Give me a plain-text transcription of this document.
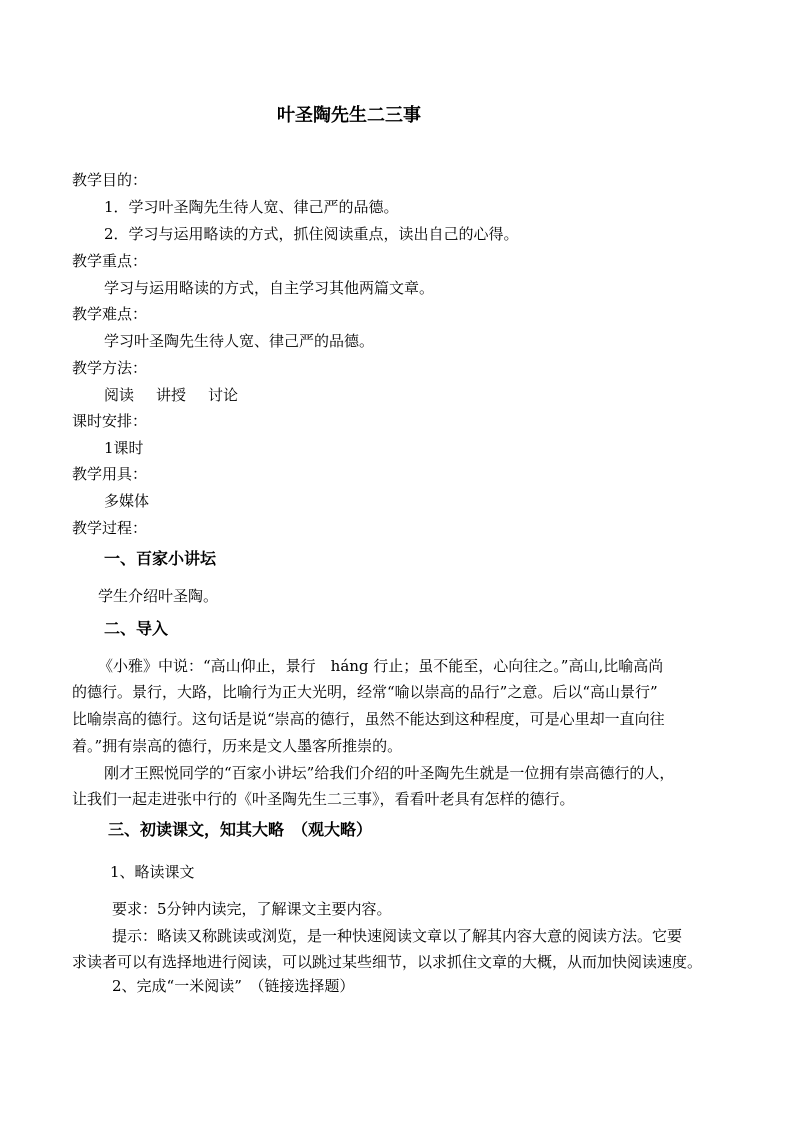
叶圣陶先生二三事
教学目的：
1．学习叶圣陶先生待人宽、律己严的品德。
2．学习与运用略读的方式，抓住阅读重点，读出自己的心得。
教学重点：
学习与运用略读的方式，自主学习其他两篇文章。
教学难点：
学习叶圣陶先生待人宽、律己严的品德。
教学方法：
阅读 讲授 讨论
课时安排：
1课时
教学用具：
多媒体
教学过程：
一、百家小讲坛
学生介绍叶圣陶。
二、导入
《小雅》中说：“高山仰止，景行　háng 行止；虽不能至，心向往之。”高山,比喻高尚
的德行。景行，大路，比喻行为正大光明，经常“喻以崇高的品行”之意。后以“高山景行”
比喻崇高的德行。这句话是说“崇高的德行，虽然不能达到这种程度，可是心里却一直向往
着。”拥有崇高的德行，历来是文人墨客所推崇的。
刚才王熙悦同学的“百家小讲坛”给我们介绍的叶圣陶先生就是一位拥有崇高德行的人，
让我们一起走进张中行的《叶圣陶先生二三事》，看看叶老具有怎样的德行。
三、初读课文，知其大略　（观大略）
1、略读课文
要求：5分钟内读完，了解课文主要内容。
提示：略读又称跳读或浏览，是一种快速阅读文章以了解其内容大意的阅读方法。它要
求读者可以有选择地进行阅读，可以跳过某些细节，以求抓住文章的大概，从而加快阅读速度。
2、完成“一米阅读”　（链接选择题）
